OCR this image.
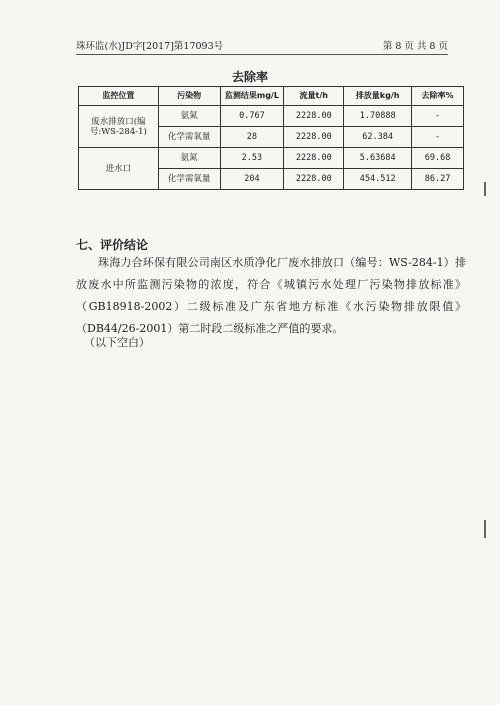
珠环监(水)JD字[2017]第17093号	第 8 页 共 8 页
去除率
监控位置	污染物	监测结果mg/L	流量t/h	排放量kg/h	去除率%
废水排放口(编号:WS-284-1)	氨氮	0.767	2228.00	1.70888	-
	化学需氧量	28	2228.00	62.384	-
进水口	氨氮	2.53	2228.00	5.63684	69.68
	化学需氧量	204	2228.00	454.512	86.27
七、评价结论

珠海力合环保有限公司南区水质净化厂废水排放口（编号：WS-284-1）排放废水中所监测污染物的浓度，符合《城镇污水处理厂污染物排放标准》（GB18918-2002）二级标准及广东省地方标准《水污染物排放限值》（DB44/26-2001）第二时段二级标准之严值的要求。

（以下空白）
